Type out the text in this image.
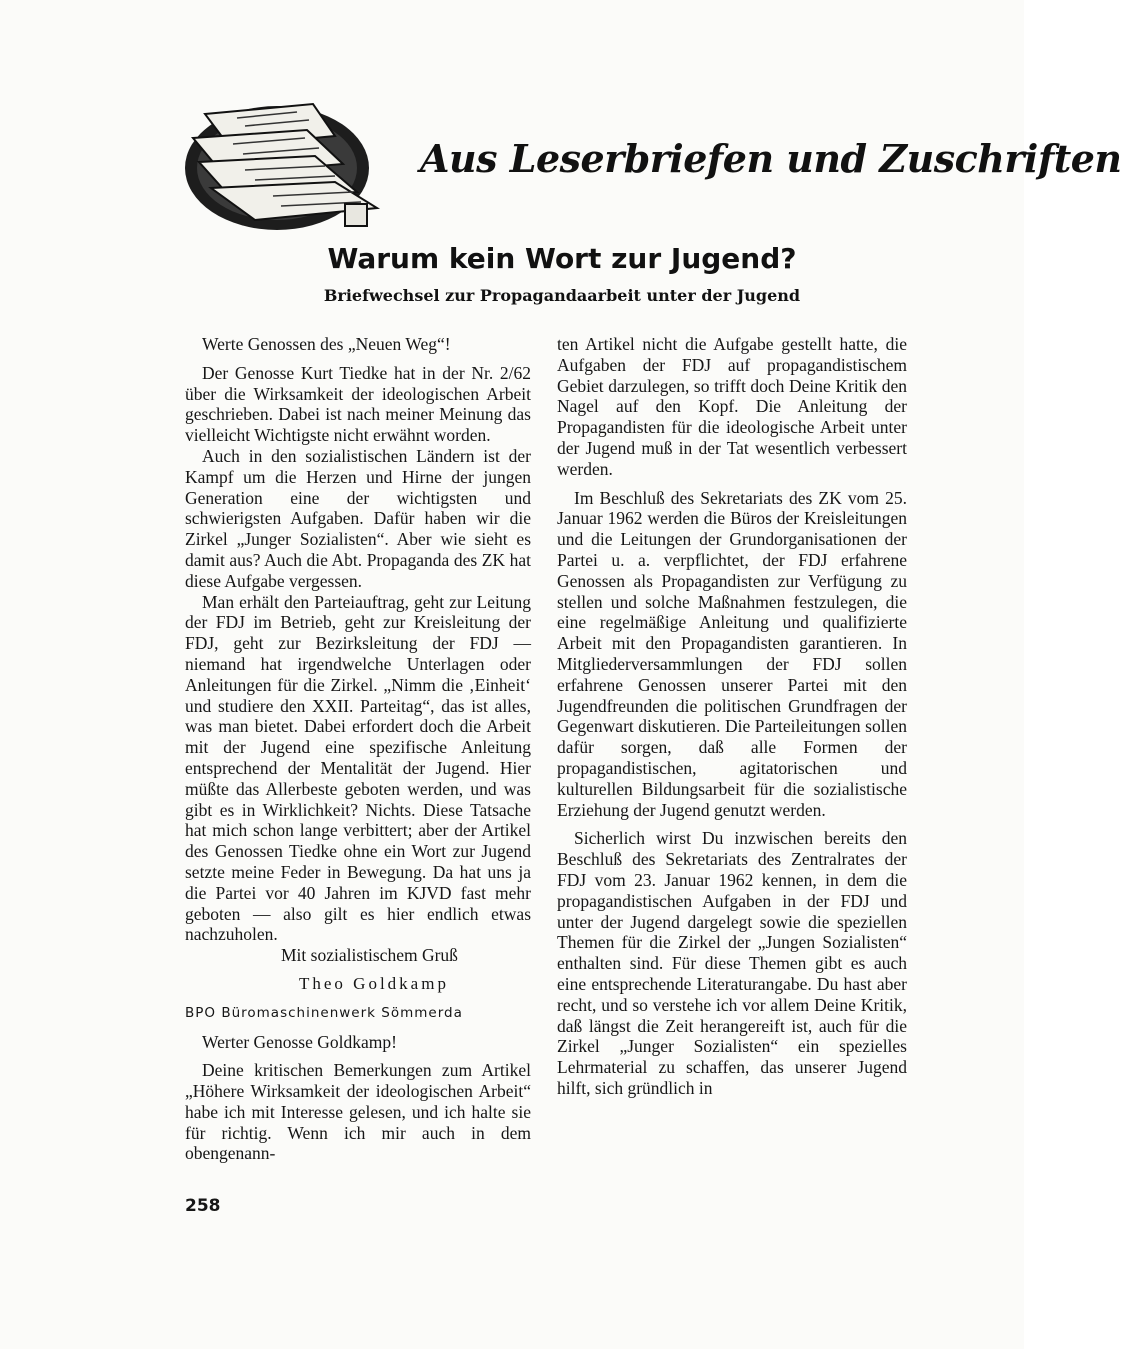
Aus Leserbriefen und Zuschriften
Warum kein Wort zur Jugend?
Briefwechsel zur Propagandaarbeit unter der Jugend

Werte Genossen des „Neuen Weg“!

Der Genosse Kurt Tiedke hat in der Nr. 2/62 über die Wirksamkeit der ideologischen Arbeit geschrieben. Dabei ist nach meiner Meinung das vielleicht Wichtigste nicht erwähnt worden.

Auch in den sozialistischen Ländern ist der Kampf um die Herzen und Hirne der jungen Generation eine der wichtigsten und schwierigsten Aufgaben. Dafür haben wir die Zirkel „Junger Sozialisten“. Aber wie sieht es damit aus? Auch die Abt. Propaganda des ZK hat diese Aufgabe vergessen.

Man erhält den Parteiauftrag, geht zur Leitung der FDJ im Betrieb, geht zur Kreisleitung der FDJ, geht zur Bezirksleitung der FDJ — niemand hat irgendwelche Unterlagen oder Anleitungen für die Zirkel. „Nimm die ‚Einheit‘ und studiere den XXII. Parteitag“, das ist alles, was man bietet. Dabei erfordert doch die Arbeit mit der Jugend eine spezifische Anleitung entsprechend der Mentalität der Jugend. Hier müßte das Allerbeste geboten werden, und was gibt es in Wirklichkeit? Nichts. Diese Tatsache hat mich schon lange verbittert; aber der Artikel des Genossen Tiedke ohne ein Wort zur Jugend setzte meine Feder in Bewegung. Da hat uns ja die Partei vor 40 Jahren im KJVD fast mehr geboten — also gilt es hier endlich etwas nachzuholen.

Mit sozialistischem Gruß

Theo Goldkamp

BPO Büromaschinenwerk Sömmerda

Werter Genosse Goldkamp!

Deine kritischen Bemerkungen zum Artikel „Höhere Wirksamkeit der ideologischen Arbeit“ habe ich mit Interesse gelesen, und ich halte sie für richtig. Wenn ich mir auch in dem obengenann-

ten Artikel nicht die Aufgabe gestellt hatte, die Aufgaben der FDJ auf propagandistischem Gebiet darzulegen, so trifft doch Deine Kritik den Nagel auf den Kopf. Die Anleitung der Propagandisten für die ideologische Arbeit unter der Jugend muß in der Tat wesentlich verbessert werden.

Im Beschluß des Sekretariats des ZK vom 25. Januar 1962 werden die Büros der Kreisleitungen und die Leitungen der Grundorganisationen der Partei u. a. verpflichtet, der FDJ erfahrene Genossen als Propagandisten zur Verfügung zu stellen und solche Maßnahmen festzulegen, die eine regelmäßige Anleitung und qualifizierte Arbeit mit den Propagandisten garantieren. In Mitgliederversammlungen der FDJ sollen erfahrene Genossen unserer Partei mit den Jugendfreunden die politischen Grundfragen der Gegenwart diskutieren. Die Parteileitungen sollen dafür sorgen, daß alle Formen der propagandistischen, agitatorischen und kulturellen Bildungsarbeit für die sozialistische Erziehung der Jugend genutzt werden.

Sicherlich wirst Du inzwischen bereits den Beschluß des Sekretariats des Zentralrates der FDJ vom 23. Januar 1962 kennen, in dem die propagandistischen Aufgaben in der FDJ und unter der Jugend dargelegt sowie die speziellen Themen für die Zirkel der „Jungen Sozialisten“ enthalten sind. Für diese Themen gibt es auch eine entsprechende Literaturangabe. Du hast aber recht, und so verstehe ich vor allem Deine Kritik, daß längst die Zeit herangereift ist, auch für die Zirkel „Junger Sozialisten“ ein spezielles Lehrmaterial zu schaffen, das unserer Jugend hilft, sich gründlich in

258
